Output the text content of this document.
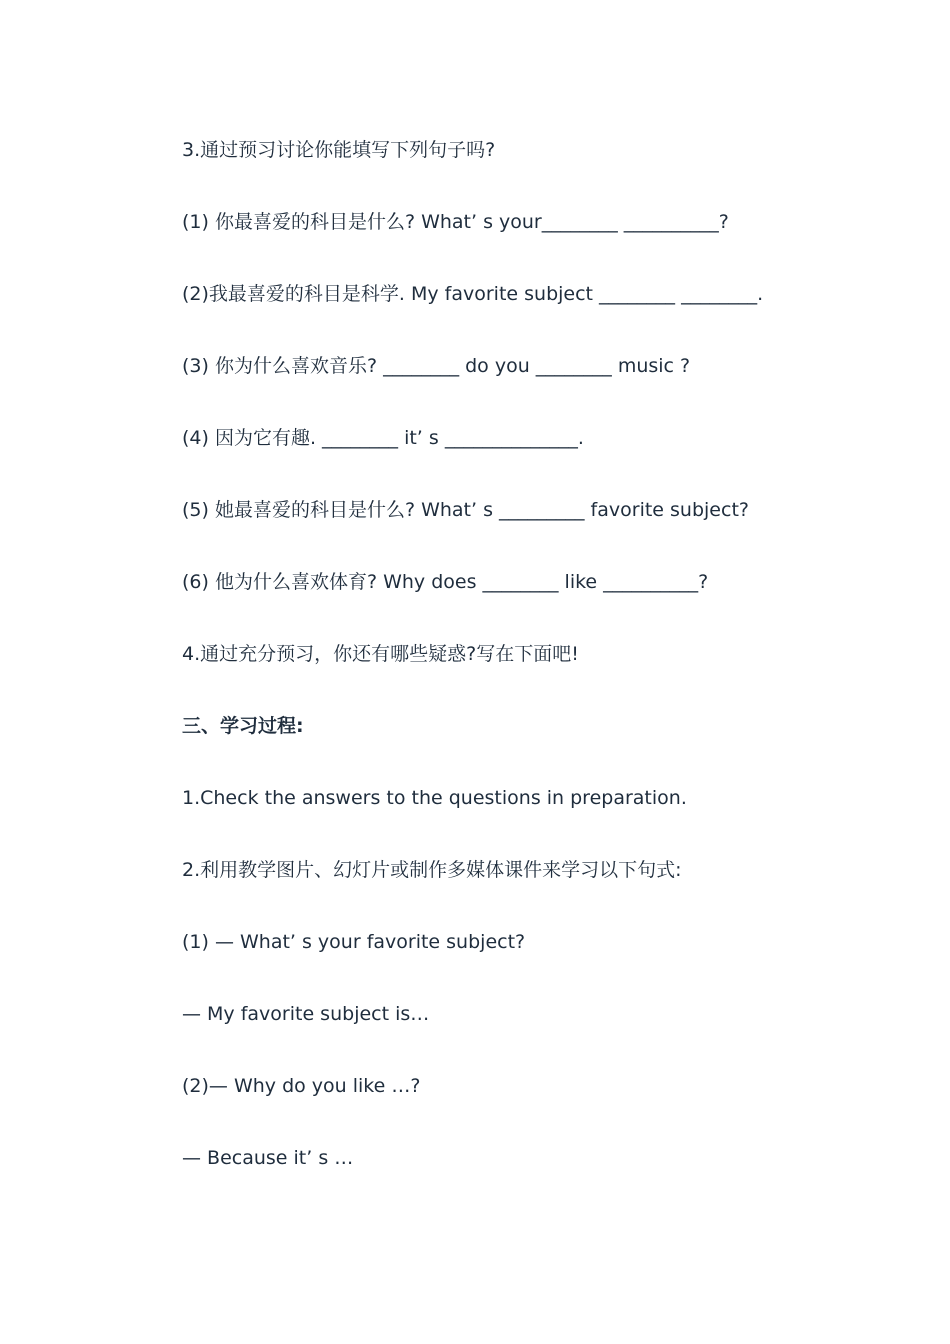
3.通过预习讨论你能填写下列句子吗?
(1) 你最喜爱的科目是什么? What’ s your________ __________?
(2)我最喜爱的科目是科学. My favorite subject ________ ________.
(3) 你为什么喜欢音乐? ________ do you ________ music ?
(4) 因为它有趣. ________ it’ s ______________.
(5) 她最喜爱的科目是什么? What’ s _________ favorite subject?
(6) 他为什么喜欢体育? Why does ________ like __________?
4.通过充分预习，你还有哪些疑惑?写在下面吧!
三、学习过程:
1.Check the answers to the questions in preparation.
2.利用教学图片、幻灯片或制作多媒体课件来学习以下句式:
(1) — What’ s your favorite subject?
— My favorite subject is…
(2)— Why do you like …?
— Because it’ s …
